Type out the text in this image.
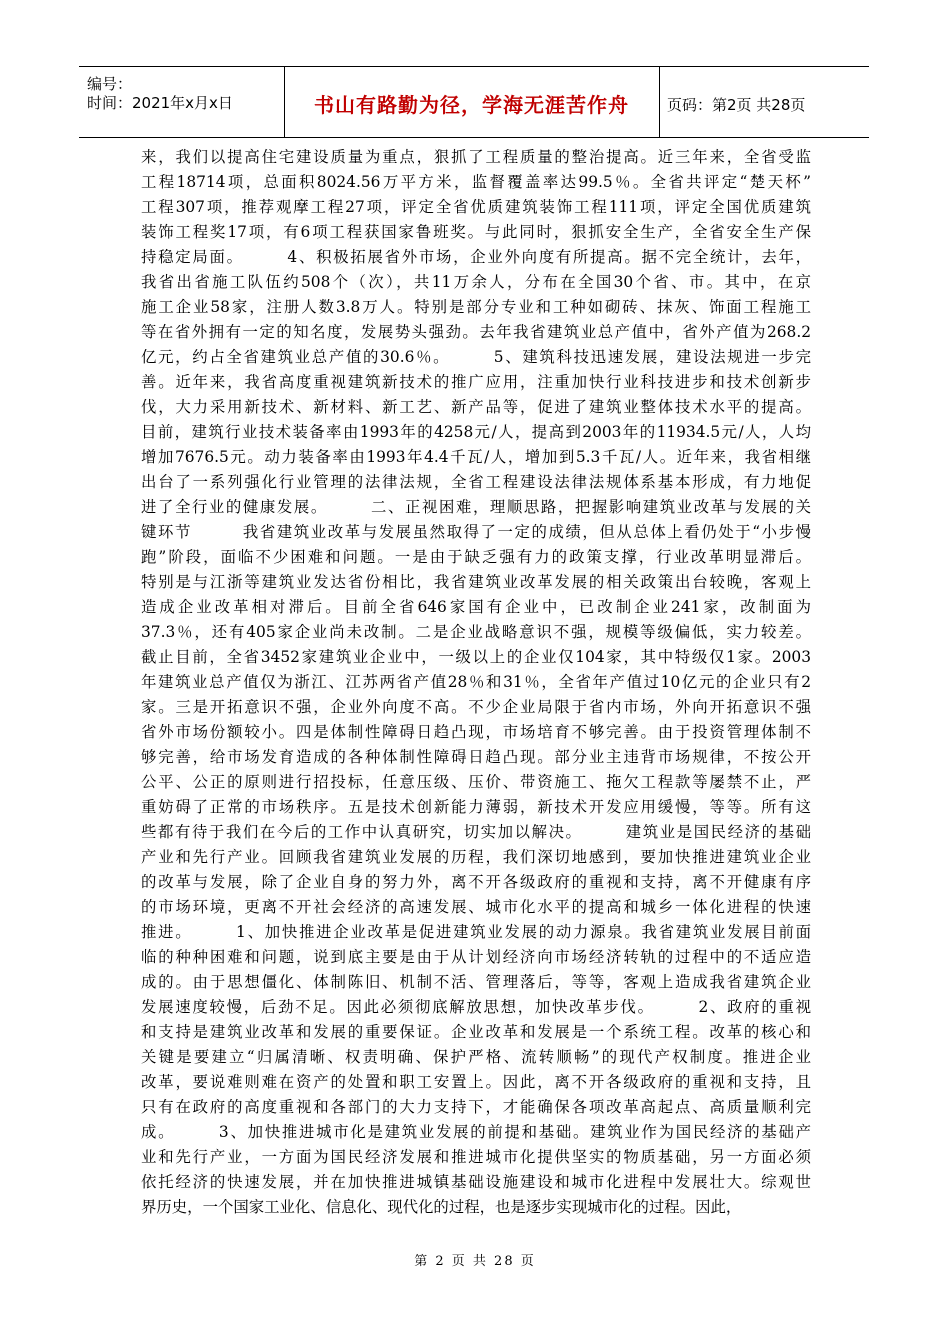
编号：
时间：2021年x月x日	书山有路勤为径，学海无涯苦作舟	页码：第2页 共28页
来，我们以提高住宅建设质量为重点，狠抓了工程质量的整治提高。近三年来，全省受监
工程18714项，总面积8024.56万平方米，监督覆盖率达99.5％。全省共评定“楚天杯”
工程307项，推荐观摩工程27项，评定全省优质建筑装饰工程111项，评定全国优质建筑
装饰工程奖17项，有6项工程获国家鲁班奖。与此同时，狠抓安全生产，全省安全生产保
持稳定局面。　　　4、积极拓展省外市场，企业外向度有所提高。据不完全统计，去年，
我省出省施工队伍约508个（次），共11万余人，分布在全国30个省、市。其中，在京
施工企业58家，注册人数3.8万人。特别是部分专业和工种如砌砖、抹灰、饰面工程施工
等在省外拥有一定的知名度，发展势头强劲。去年我省建筑业总产值中，省外产值为268.2
亿元，约占全省建筑业总产值的30.6％。　　　5、建筑科技迅速发展，建设法规进一步完
善。近年来，我省高度重视建筑新技术的推广应用，注重加快行业科技进步和技术创新步
伐，大力采用新技术、新材料、新工艺、新产品等，促进了建筑业整体技术水平的提高。
目前，建筑行业技术装备率由1993年的4258元/人，提高到2003年的11934.5元/人，人均
增加7676.5元。动力装备率由1993年4.4千瓦/人，增加到5.3千瓦/人。近年来，我省相继
出台了一系列强化行业管理的法律法规，全省工程建设法律法规体系基本形成，有力地促
进了全行业的健康发展。　　　二、正视困难，理顺思路，把握影响建筑业改革与发展的关
键环节　　　我省建筑业改革与发展虽然取得了一定的成绩，但从总体上看仍处于“小步慢
跑”阶段，面临不少困难和问题。一是由于缺乏强有力的政策支撑，行业改革明显滞后。
特别是与江浙等建筑业发达省份相比，我省建筑业改革发展的相关政策出台较晚，客观上
造成企业改革相对滞后。目前全省646家国有企业中，已改制企业241家，改制面为
37.3％，还有405家企业尚未改制。二是企业战略意识不强，规模等级偏低，实力较差。
截止目前，全省3452家建筑业企业中，一级以上的企业仅104家，其中特级仅1家。2003
年建筑业总产值仅为浙江、江苏两省产值28％和31％，全省年产值过10亿元的企业只有2
家。三是开拓意识不强，企业外向度不高。不少企业局限于省内市场，外向开拓意识不强
省外市场份额较小。四是体制性障碍日趋凸现，市场培育不够完善。由于投资管理体制不
够完善，给市场发育造成的各种体制性障碍日趋凸现。部分业主违背市场规律，不按公开
公平、公正的原则进行招投标，任意压级、压价、带资施工、拖欠工程款等屡禁不止，严
重妨碍了正常的市场秩序。五是技术创新能力薄弱，新技术开发应用缓慢，等等。所有这
些都有待于我们在今后的工作中认真研究，切实加以解决。　　　建筑业是国民经济的基础
产业和先行产业。回顾我省建筑业发展的历程，我们深切地感到，要加快推进建筑业企业
的改革与发展，除了企业自身的努力外，离不开各级政府的重视和支持，离不开健康有序
的市场环境，更离不开社会经济的高速发展、城市化水平的提高和城乡一体化进程的快速
推进。　　　1、加快推进企业改革是促进建筑业发展的动力源泉。我省建筑业发展目前面
临的种种困难和问题，说到底主要是由于从计划经济向市场经济转轨的过程中的不适应造
成的。由于思想僵化、体制陈旧、机制不活、管理落后，等等，客观上造成我省建筑企业
发展速度较慢，后劲不足。因此必须彻底解放思想，加快改革步伐。　　　2、政府的重视
和支持是建筑业改革和发展的重要保证。企业改革和发展是一个系统工程。改革的核心和
关键是要建立“归属清晰、权责明确、保护严格、流转顺畅”的现代产权制度。推进企业
改革，要说难则难在资产的处置和职工安置上。因此，离不开各级政府的重视和支持，且
只有在政府的高度重视和各部门的大力支持下，才能确保各项改革高起点、高质量顺利完
成。　　　3、加快推进城市化是建筑业发展的前提和基础。建筑业作为国民经济的基础产
业和先行产业，一方面为国民经济发展和推进城市化提供坚实的物质基础，另一方面必须
依托经济的快速发展，并在加快推进城镇基础设施建设和城市化进程中发展壮大。综观世
界历史，一个国家工业化、信息化、现代化的过程，也是逐步实现城市化的过程。因此，
第 2 页 共 28 页
